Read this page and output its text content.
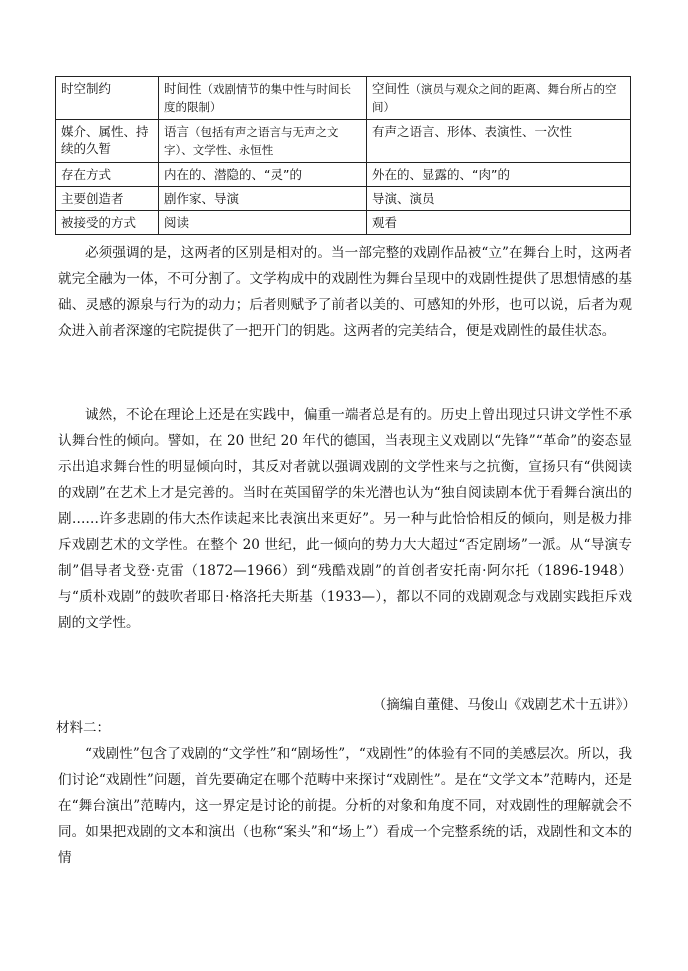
时空制约	时间性（戏剧情节的集中性与时间长度的限制）	空间性（演员与观众之间的距离、舞台所占的空间）
媒介、属性、持续的久暂	语言（包括有声之语言与无声之文字）、文学性、永恒性	有声之语言、形体、表演性、一次性
存在方式	内在的、潜隐的、“灵”的	外在的、显露的、“肉”的
主要创造者	剧作家、导演	导演、演员
被接受的方式	阅读	观看

必须强调的是，这两者的区别是相对的。当一部完整的戏剧作品被“立”在舞台上时，这两者就完全融为一体，不可分割了。文学构成中的戏剧性为舞台呈现中的戏剧性提供了思想情感的基础、灵感的源泉与行为的动力；后者则赋予了前者以美的、可感知的外形，也可以说，后者为观众进入前者深邃的宅院提供了一把开门的钥匙。这两者的完美结合，便是戏剧性的最佳状态。

诚然，不论在理论上还是在实践中，偏重一端者总是有的。历史上曾出现过只讲文学性不承认舞台性的倾向。譬如，在 20 世纪 20 年代的德国，当表现主义戏剧以“先锋”“革命”的姿态显示出追求舞台性的明显倾向时，其反对者就以强调戏剧的文学性来与之抗衡，宣扬只有“供阅读的戏剧”在艺术上才是完善的。当时在英国留学的朱光潜也认为“独自阅读剧本优于看舞台演出的剧……许多悲剧的伟大杰作读起来比表演出来更好”。另一种与此恰恰相反的倾向，则是极力排斥戏剧艺术的文学性。在整个 20 世纪，此一倾向的势力大大超过“否定剧场”一派。从“导演专制”倡导者戈登·克雷（1872—1966）到“残酷戏剧”的首创者安托南·阿尔托（1896-1948）与“质朴戏剧”的鼓吹者耶日·格洛托夫斯基（1933—），都以不同的戏剧观念与戏剧实践拒斥戏剧的文学性。

（摘编自董健、马俊山《戏剧艺术十五讲》）

材料二：

“戏剧性”包含了戏剧的“文学性”和“剧场性”，“戏剧性”的体验有不同的美感层次。所以，我们讨论“戏剧性”问题，首先要确定在哪个范畴中来探讨“戏剧性”。是在“文学文本”范畴内，还是在“舞台演出”范畴内，这一界定是讨论的前提。分析的对象和角度不同，对戏剧性的理解就会不同。如果把戏剧的文本和演出（也称“案头”和“场上”）看成一个完整系统的话，戏剧性和文本的情
